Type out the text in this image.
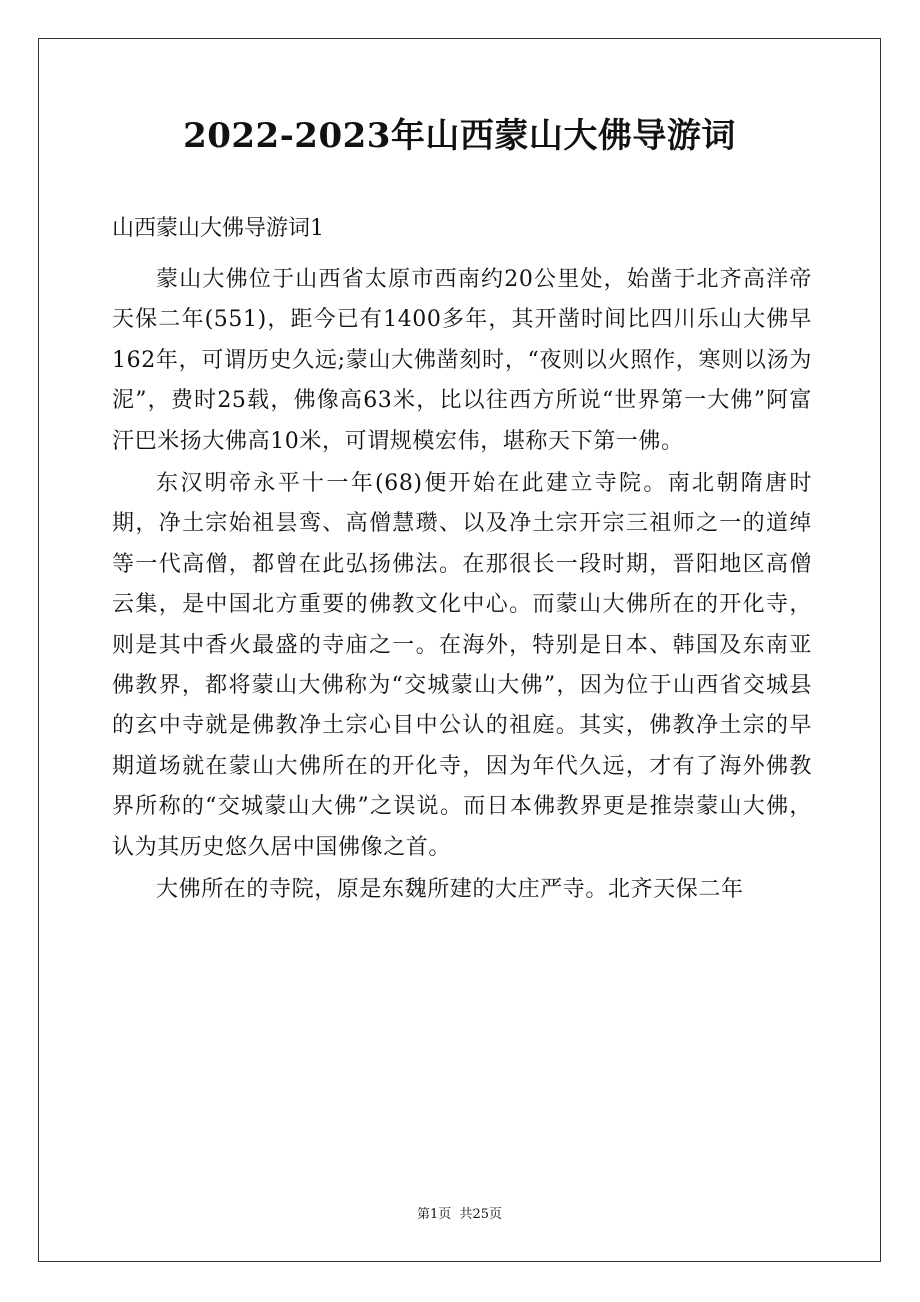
2022-2023年山西蒙山大佛导游词
山西蒙山大佛导游词1

蒙山大佛位于山西省太原市西南约20公里处，始凿于北齐高洋帝天保二年(551)，距今已有1400多年，其开凿时间比四川乐山大佛早162年，可谓历史久远;蒙山大佛凿刻时，“夜则以火照作，寒则以汤为泥”，费时25载，佛像高63米，比以往西方所说“世界第一大佛”阿富汗巴米扬大佛高10米，可谓规模宏伟，堪称天下第一佛。

东汉明帝永平十一年(68)便开始在此建立寺院。南北朝隋唐时期，净土宗始祖昙鸾、高僧慧瓒、以及净土宗开宗三祖师之一的道绰等一代高僧，都曾在此弘扬佛法。在那很长一段时期，晋阳地区高僧云集，是中国北方重要的佛教文化中心。而蒙山大佛所在的开化寺，则是其中香火最盛的寺庙之一。在海外，特别是日本、韩国及东南亚佛教界，都将蒙山大佛称为“交城蒙山大佛”，因为位于山西省交城县的玄中寺就是佛教净土宗心目中公认的祖庭。其实，佛教净土宗的早期道场就在蒙山大佛所在的开化寺，因为年代久远，才有了海外佛教界所称的“交城蒙山大佛”之误说。而日本佛教界更是推崇蒙山大佛，认为其历史悠久居中国佛像之首。

大佛所在的寺院，原是东魏所建的大庄严寺。北齐天保二年

第1页 共25页
